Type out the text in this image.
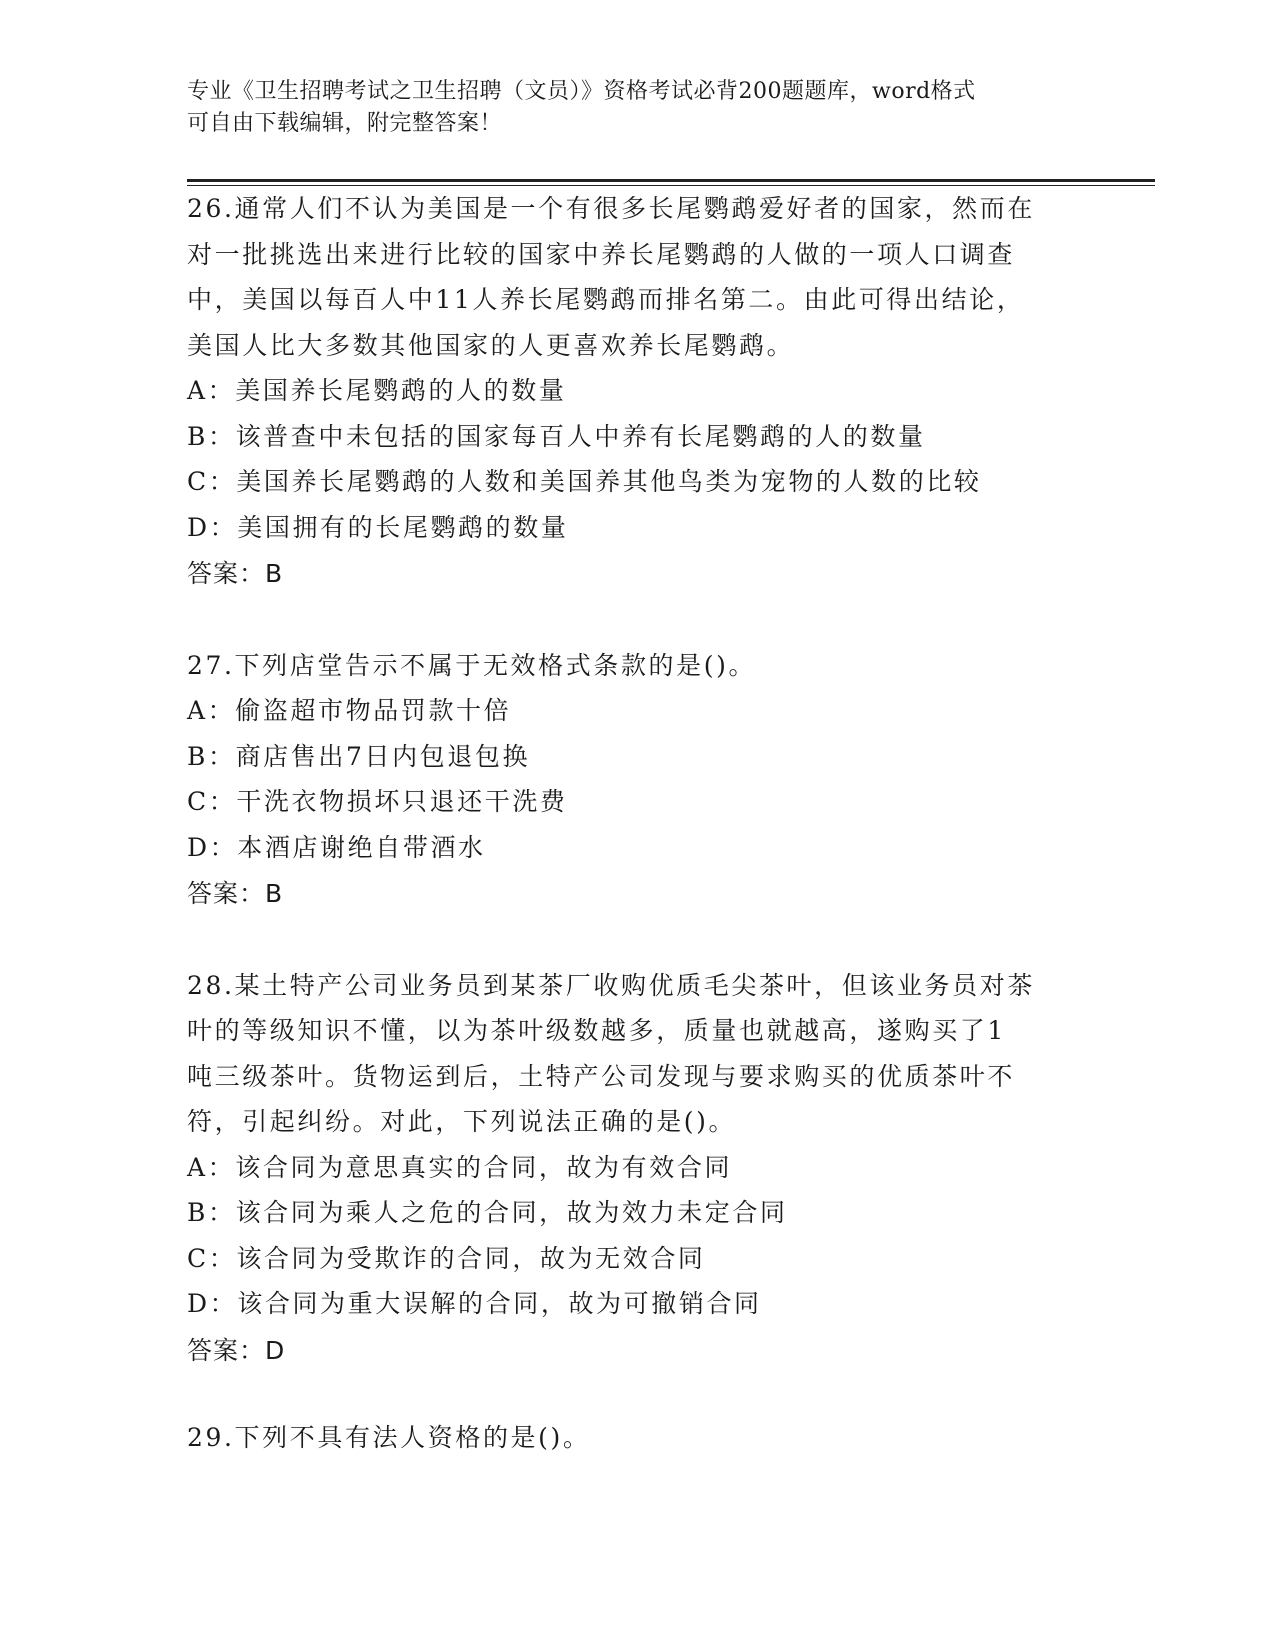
专业《卫生招聘考试之卫生招聘（文员）》资格考试必背200题题库，word格式
可自由下载编辑，附完整答案！
26.通常人们不认为美国是一个有很多长尾鹦鹉爱好者的国家，然而在
对一批挑选出来进行比较的国家中养长尾鹦鹉的人做的一项人口调查
中，美国以每百人中11人养长尾鹦鹉而排名第二。由此可得出结论，
美国人比大多数其他国家的人更喜欢养长尾鹦鹉。
A：美国养长尾鹦鹉的人的数量
B：该普查中未包括的国家每百人中养有长尾鹦鹉的人的数量
C：美国养长尾鹦鹉的人数和美国养其他鸟类为宠物的人数的比较
D：美国拥有的长尾鹦鹉的数量
答案：B
27.下列店堂告示不属于无效格式条款的是()。
A：偷盗超市物品罚款十倍
B：商店售出7日内包退包换
C：干洗衣物损坏只退还干洗费
D：本酒店谢绝自带酒水
答案：B
28.某土特产公司业务员到某茶厂收购优质毛尖茶叶，但该业务员对茶
叶的等级知识不懂，以为茶叶级数越多，质量也就越高，遂购买了1
吨三级茶叶。货物运到后，土特产公司发现与要求购买的优质茶叶不
符，引起纠纷。对此，下列说法正确的是()。
A：该合同为意思真实的合同，故为有效合同
B：该合同为乘人之危的合同，故为效力未定合同
C：该合同为受欺诈的合同，故为无效合同
D：该合同为重大误解的合同，故为可撤销合同
答案：D
29.下列不具有法人资格的是()。
